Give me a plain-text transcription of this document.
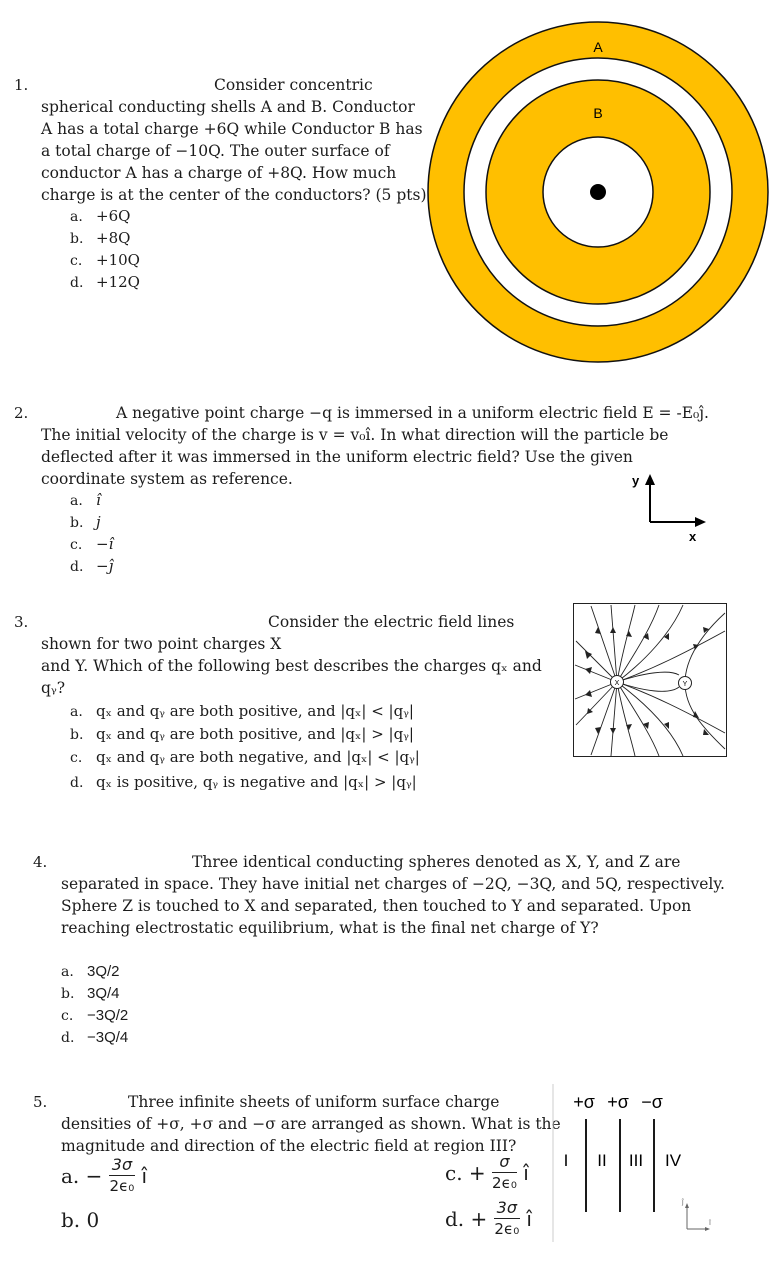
1.	Consider concentric
spherical conducting shells A and B. Conductor
A has a total charge +6Q while Conductor B has
a total charge of −10Q. The outer surface of
conductor A has a charge of +8Q. How much
charge is at the center of the conductors? (5 pts)
a. +6Q
b. +8Q
c. +10Q
d. +12Q
A
B
2.	A negative point charge −q is immersed in a uniform electric field E = -E₀ĵ.
The initial velocity of the charge is v = v₀î. In what direction will the particle be
deflected after it was immersed in the uniform electric field? Use the given
coordinate system as reference.
a. î
b. j
c. −î
d. −ĵ
y
x
3.	Consider the electric field lines
shown for two point charges X
and Y. Which of the following best describes the charges qₓ and
qᵧ?
a. qₓ and qᵧ are both positive, and |qₓ| < |qᵧ|
b. qₓ and qᵧ are both positive, and |qₓ| > |qᵧ|
c. qₓ and qᵧ are both negative, and |qₓ| < |qᵧ|
d. qₓ is positive, qᵧ is negative and |qₓ| > |qᵧ|
X	Y
4.	Three identical conducting spheres denoted as X, Y, and Z are
separated in space. They have initial net charges of −2Q, −3Q, and 5Q, respectively.
Sphere Z is touched to X and separated, then touched to Y and separated. Upon
reaching electrostatic equilibrium, what is the final net charge of Y?
a. 3Q/2
b. 3Q/4
c. −3Q/2
d. −3Q/4
5.	Three infinite sheets of uniform surface charge
densities of +σ, +σ and −σ are arranged as shown. What is the
magnitude and direction of the electric field at region III?
a. − $\frac{3\sigma}{\text{2ϵ₀}}$ î
b. 0
c. + $\frac{\sigma}{\text{2ϵ₀}}$ î
d. + $\frac{3\sigma}{\text{2ϵ₀}}$ î
+σ +σ −σ
I II III IV
ĵ
î
